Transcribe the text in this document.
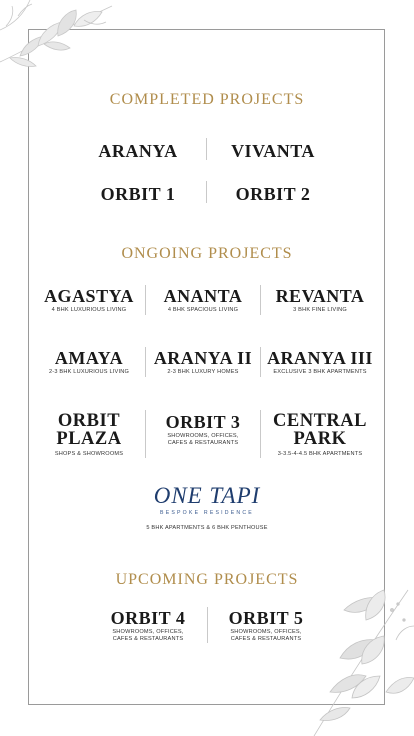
COMPLETED PROJECTS
ARANYA	VIVANTA
ORBIT 1	ORBIT 2
ONGOING PROJECTS
AGASTYA
4 BHK LUXURIOUS LIVING
ANANTA
4 BHK SPACIOUS LIVING
REVANTA
3 BHK FINE LIVING
AMAYA
2-3 BHK LUXURIOUS LIVING
ARANYA II
2-3 BHK LUXURY HOMES
ARANYA III
EXCLUSIVE 3 BHK APARTMENTS
ORBIT
PLAZA
SHOPS & SHOWROOMS
ORBIT 3
SHOWROOMS, OFFICES,
CAFES & RESTAURANTS
CENTRAL
PARK
3-3.5-4-4.5 BHK APARTMENTS
ONE TAPI
BESPOKE RESIDENCE
5 BHK APARTMENTS & 6 BHK PENTHOUSE
UPCOMING PROJECTS
ORBIT 4
SHOWROOMS, OFFICES,
CAFES & RESTAURANTS
ORBIT 5
SHOWROOMS, OFFICES,
CAFES & RESTAURANTS
